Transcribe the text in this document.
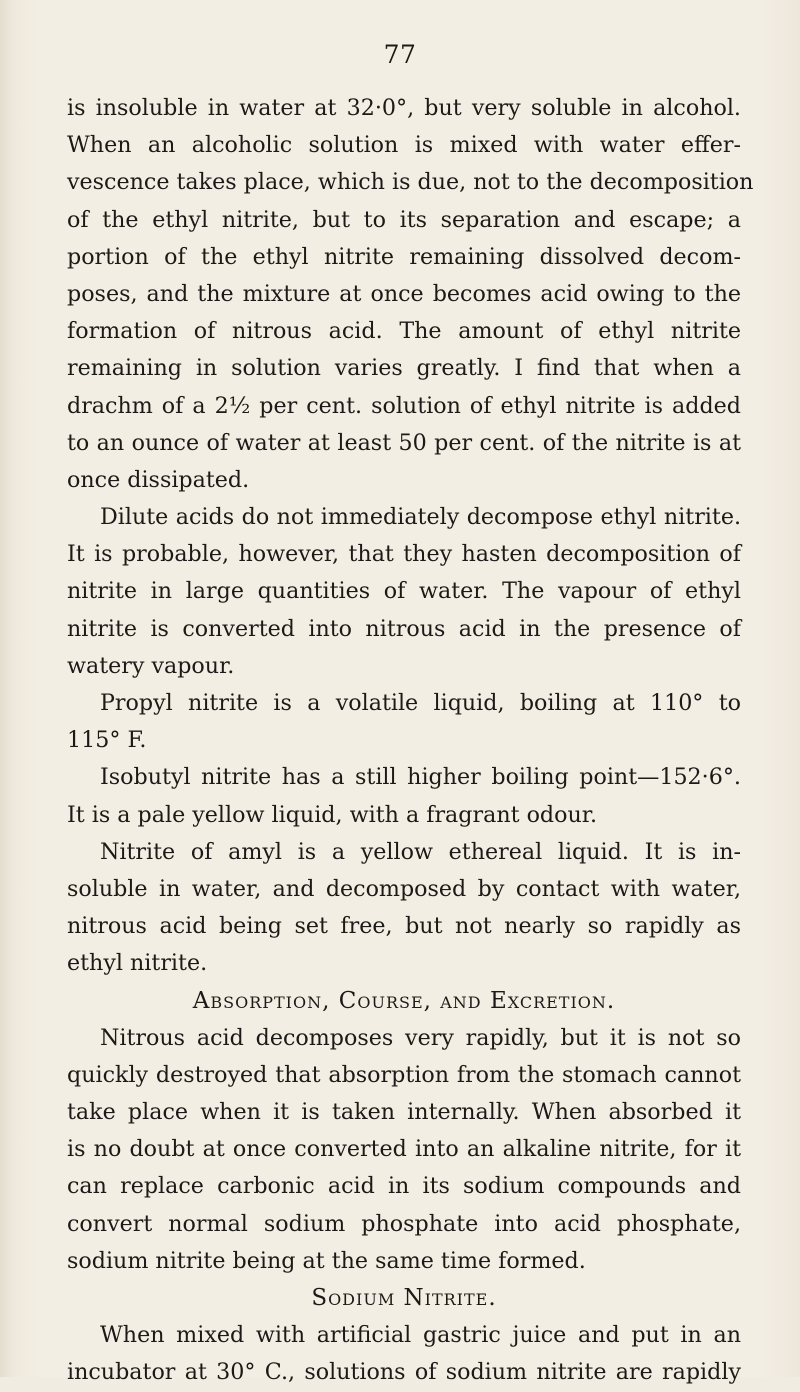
77
is insoluble in water at 32·0°, but very soluble in alcohol.
When an alcoholic solution is mixed with water effer-
vescence takes place, which is due, not to the decomposition
of the ethyl nitrite, but to its separation and escape; a
portion of the ethyl nitrite remaining dissolved decom-
poses, and the mixture at once becomes acid owing to the
formation of nitrous acid. The amount of ethyl nitrite
remaining in solution varies greatly. I find that when a
drachm of a 2½ per cent. solution of ethyl nitrite is added
to an ounce of water at least 50 per cent. of the nitrite is at
once dissipated.
Dilute acids do not immediately decompose ethyl nitrite.
It is probable, however, that they hasten decomposition of
nitrite in large quantities of water. The vapour of ethyl
nitrite is converted into nitrous acid in the presence of
watery vapour.
Propyl nitrite is a volatile liquid, boiling at 110° to
115° F.
Isobutyl nitrite has a still higher boiling point—152·6°.
It is a pale yellow liquid, with a fragrant odour.
Nitrite of amyl is a yellow ethereal liquid. It is in-
soluble in water, and decomposed by contact with water,
nitrous acid being set free, but not nearly so rapidly as
ethyl nitrite.
Absorption, Course, and Excretion.
Nitrous acid decomposes very rapidly, but it is not so
quickly destroyed that absorption from the stomach cannot
take place when it is taken internally. When absorbed it
is no doubt at once converted into an alkaline nitrite, for it
can replace carbonic acid in its sodium compounds and
convert normal sodium phosphate into acid phosphate,
sodium nitrite being at the same time formed.
Sodium Nitrite.
When mixed with artificial gastric juice and put in an
incubator at 30° C., solutions of sodium nitrite are rapidly
